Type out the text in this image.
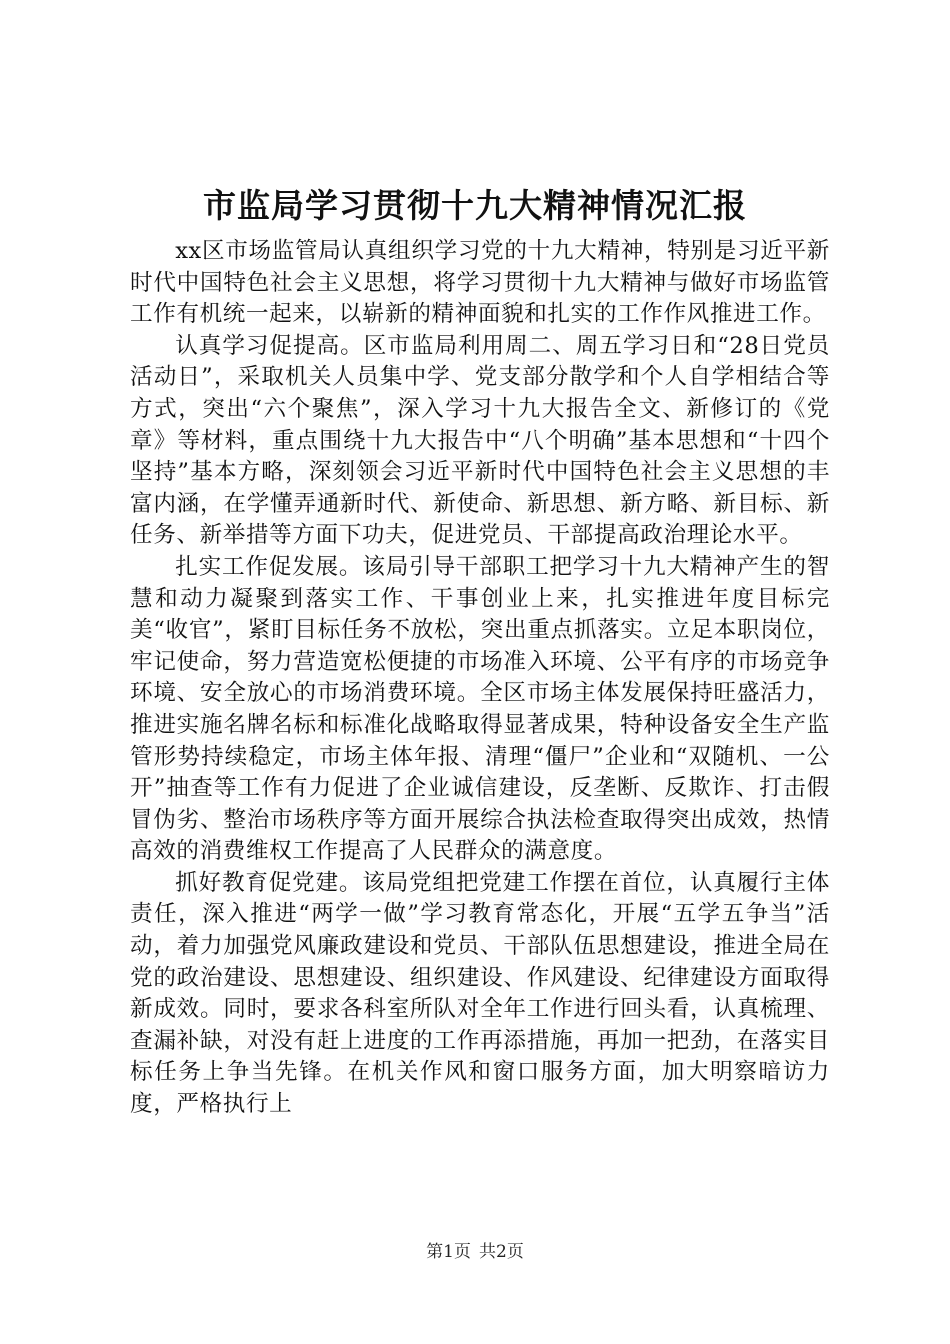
市监局学习贯彻十九大精神情况汇报

xx区市场监管局认真组织学习党的十九大精神，特别是习近平新时代中国特色社会主义思想，将学习贯彻十九大精神与做好市场监管工作有机统一起来，以崭新的精神面貌和扎实的工作作风推进工作。

认真学习促提高。区市监局利用周二、周五学习日和“28日党员活动日”，采取机关人员集中学、党支部分散学和个人自学相结合等方式，突出“六个聚焦”，深入学习十九大报告全文、新修订的《党章》等材料，重点围绕十九大报告中“八个明确”基本思想和“十四个坚持”基本方略，深刻领会习近平新时代中国特色社会主义思想的丰富内涵，在学懂弄通新时代、新使命、新思想、新方略、新目标、新任务、新举措等方面下功夫，促进党员、干部提高政治理论水平。

扎实工作促发展。该局引导干部职工把学习十九大精神产生的智慧和动力凝聚到落实工作、干事创业上来，扎实推进年度目标完美“收官”，紧盯目标任务不放松，突出重点抓落实。立足本职岗位，牢记使命，努力营造宽松便捷的市场准入环境、公平有序的市场竞争环境、安全放心的市场消费环境。全区市场主体发展保持旺盛活力，推进实施名牌名标和标准化战略取得显著成果，特种设备安全生产监管形势持续稳定，市场主体年报、清理“僵尸”企业和“双随机、一公开”抽查等工作有力促进了企业诚信建设，反垄断、反欺诈、打击假冒伪劣、整治市场秩序等方面开展综合执法检查取得突出成效，热情高效的消费维权工作提高了人民群众的满意度。

抓好教育促党建。该局党组把党建工作摆在首位，认真履行主体责任，深入推进“两学一做”学习教育常态化，开展“五学五争当”活动，着力加强党风廉政建设和党员、干部队伍思想建设，推进全局在党的政治建设、思想建设、组织建设、作风建设、纪律建设方面取得新成效。同时，要求各科室所队对全年工作进行回头看，认真梳理、查漏补缺，对没有赶上进度的工作再添措施，再加一把劲，在落实目标任务上争当先锋。在机关作风和窗口服务方面，加大明察暗访力度，严格执行上

第1页 共2页
